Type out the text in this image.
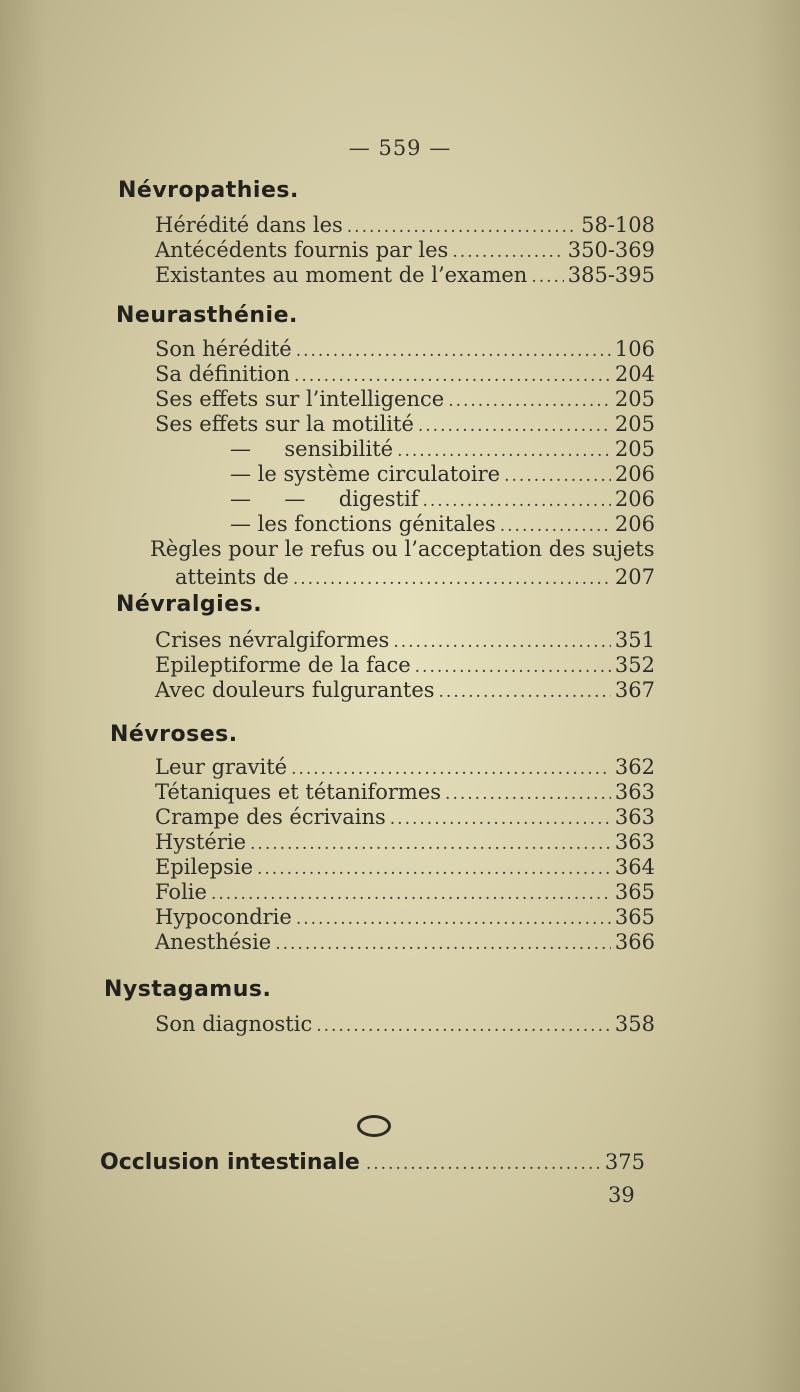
— 559 —
Névropathies.
Hérédité dans les .....	58-108
Antécédents fournis par les .....	350-369
Existantes au moment de l’examen ..... 385-395
Neurasthénie.
Son hérédité .....	106
Sa définition .....	204
Ses effets sur l’intelligence .....	205
Ses effets sur la motilité .....	205
—     sensibilité .....	205
— le système circulatoire .....	206
—     —     digestif .....	206
— les fonctions génitales .....	206
Règles pour le refus ou l’acceptation des sujets
atteints de .....	207
Névralgies.
Crises névralgiformes .....	351
Epileptiforme de la face .....	352
Avec douleurs fulgurantes .....	367
Névroses.
Leur gravité .....	362
Tétaniques et tétaniformes .....	363
Crampe des écrivains .....	363
Hystérie .....	363
Epilepsie .....	364
Folie .....	365
Hypocondrie .....	365
Anesthésie .....	366
Nystagamus.
Son diagnostic .....	358
Occlusion intestinale .....	375
39
